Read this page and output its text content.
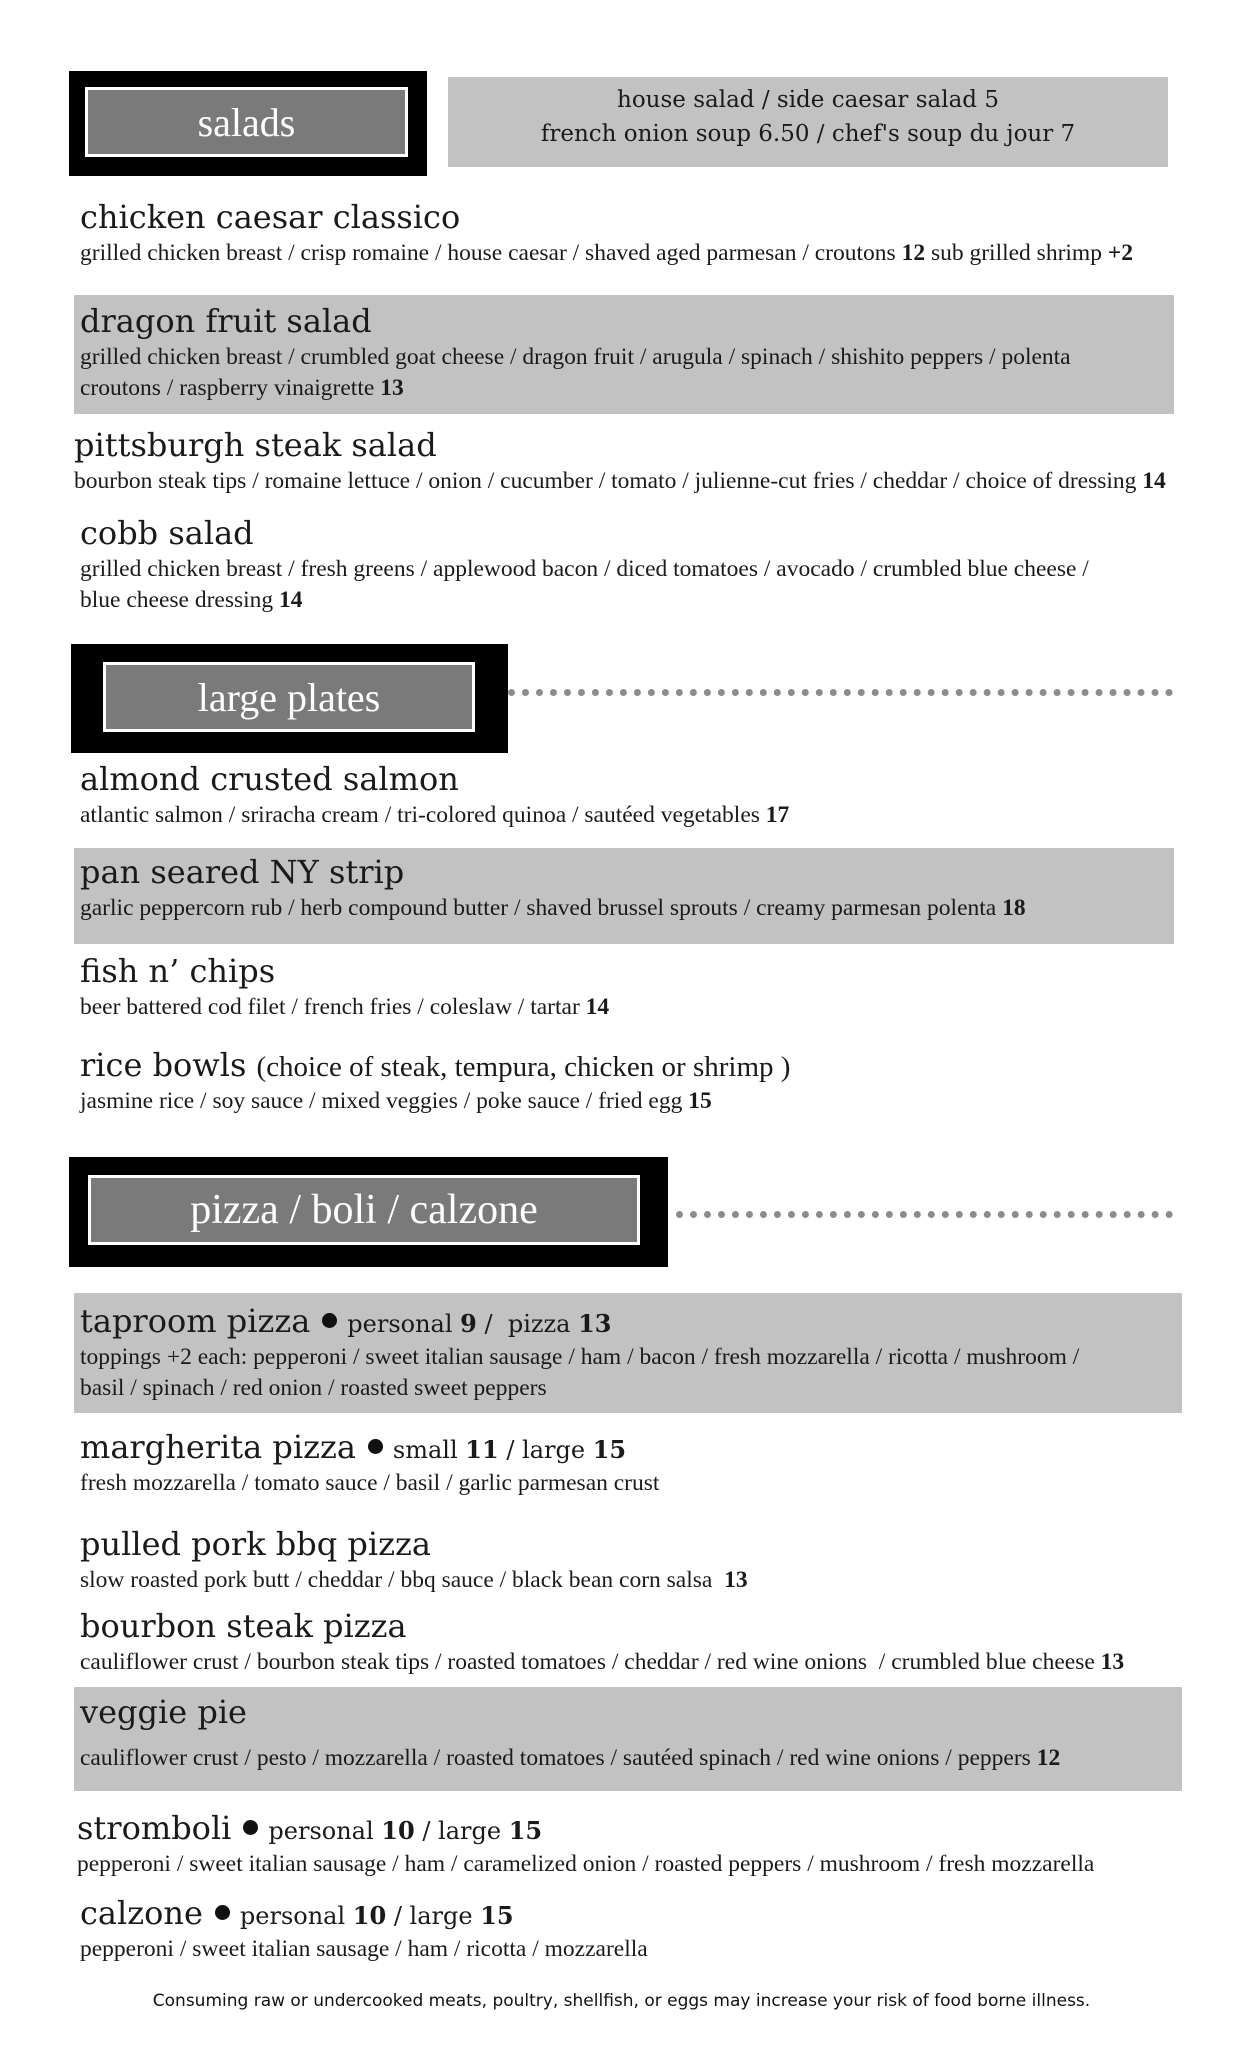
salads	house salad / side caesar salad 5
french onion soup 6.50 / chef's soup du jour 7
chicken caesar classico
grilled chicken breast / crisp romaine / house caesar / shaved aged parmesan / croutons 12 sub grilled shrimp +2
dragon fruit salad
grilled chicken breast / crumbled goat cheese / dragon fruit / arugula / spinach / shishito peppers / polenta
croutons / raspberry vinaigrette 13
pittsburgh steak salad
bourbon steak tips / romaine lettuce / onion / cucumber / tomato / julienne-cut fries / cheddar / choice of dressing 14
cobb salad
grilled chicken breast / fresh greens / applewood bacon / diced tomatoes / avocado / crumbled blue cheese /
blue cheese dressing 14
large plates
almond crusted salmon
atlantic salmon / sriracha cream / tri-colored quinoa / sautéed vegetables 17
pan seared NY strip
garlic peppercorn rub / herb compound butter / shaved brussel sprouts / creamy parmesan polenta 18
fish n’ chips
beer battered cod filet / french fries / coleslaw / tartar 14
rice bowls (choice of steak, tempura, chicken or shrimp )
jasmine rice / soy sauce / mixed veggies / poke sauce / fried egg 15
pizza / boli / calzone
taproom pizza personal 9 /  pizza 13
toppings +2 each: pepperoni / sweet italian sausage / ham / bacon / fresh mozzarella / ricotta / mushroom /
basil / spinach / red onion / roasted sweet peppers
margherita pizza small 11 / large 15
fresh mozzarella / tomato sauce / basil / garlic parmesan crust
pulled pork bbq pizza
slow roasted pork butt / cheddar / bbq sauce / black bean corn salsa  13
bourbon steak pizza
cauliflower crust / bourbon steak tips / roasted tomatoes / cheddar / red wine onions  / crumbled blue cheese 13
veggie pie
cauliflower crust / pesto / mozzarella / roasted tomatoes / sautéed spinach / red wine onions / peppers 12
stromboli personal 10 / large 15
pepperoni / sweet italian sausage / ham / caramelized onion / roasted peppers / mushroom / fresh mozzarella
calzone personal 10 / large 15
pepperoni / sweet italian sausage / ham / ricotta / mozzarella
Consuming raw or undercooked meats, poultry, shellfish, or eggs may increase your risk of food borne illness.
